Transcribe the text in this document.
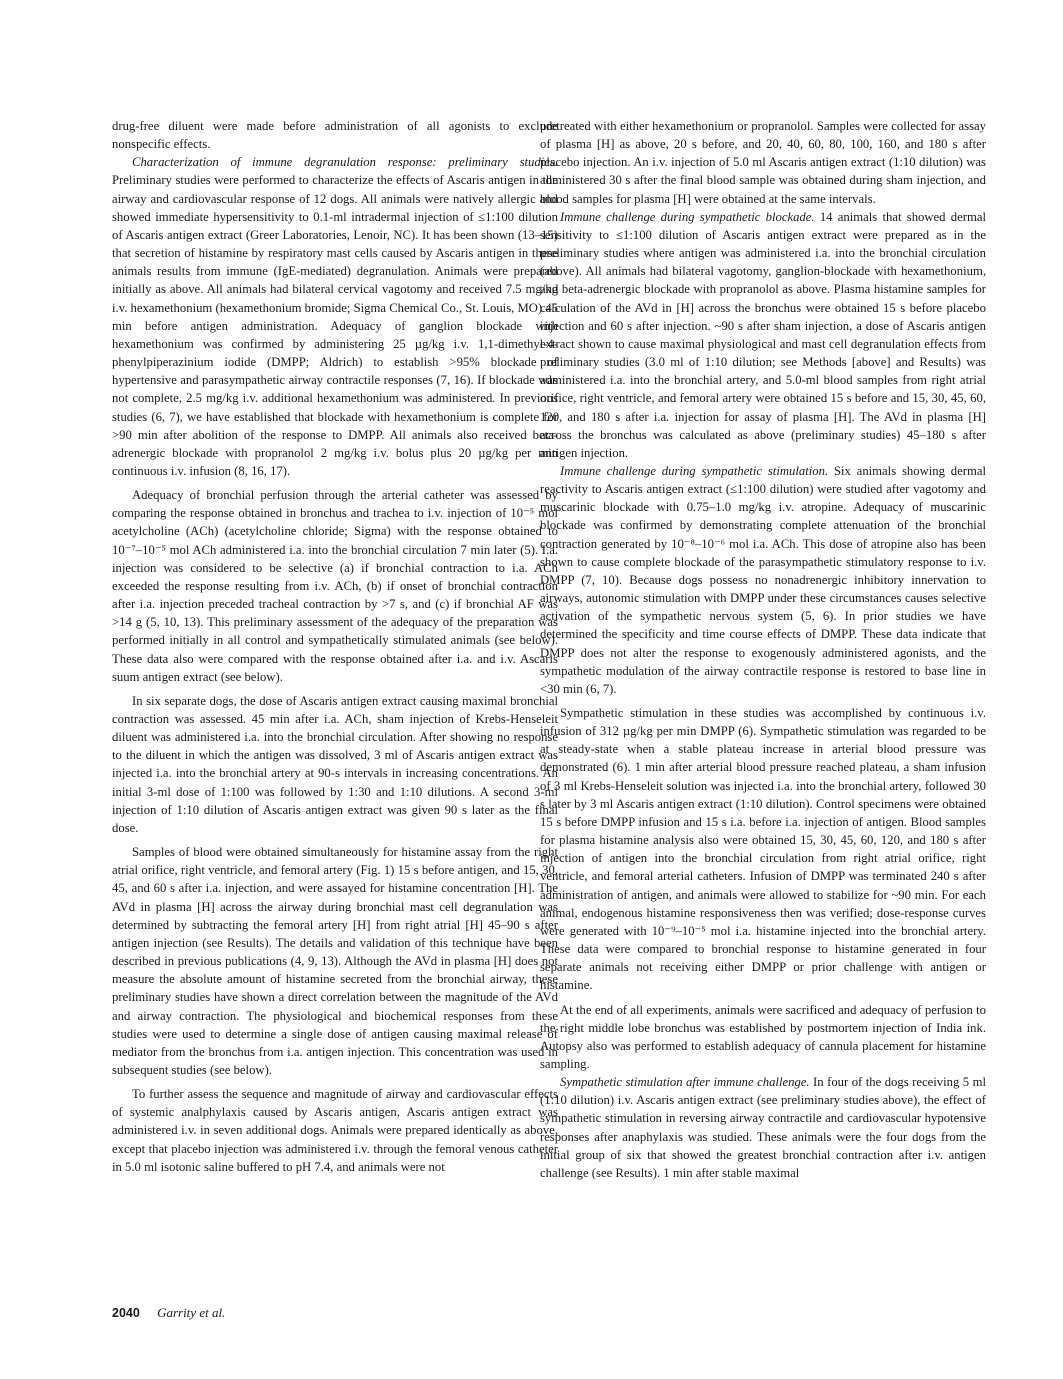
drug-free diluent were made before administration of all agonists to exclude nonspecific effects.

Characterization of immune degranulation response: preliminary studies. Preliminary studies were performed to characterize the effects of Ascaris antigen in the airway and cardiovascular response of 12 dogs. All animals were natively allergic and showed immediate hypersensitivity to 0.1-ml intradermal injection of ≤1:100 dilution of Ascaris antigen extract (Greer Laboratories, Lenoir, NC). It has been shown (13–15) that secretion of histamine by respiratory mast cells caused by Ascaris antigen in these animals results from immune (IgE-mediated) degranulation. Animals were prepared initially as above. All animals had bilateral cervical vagotomy and received 7.5 mg/kg i.v. hexamethonium (hexamethonium bromide; Sigma Chemical Co., St. Louis, MO) 45 min before antigen administration. Adequacy of ganglion blockade with hexamethonium was confirmed by administering 25 µg/kg i.v. 1,1-dimethyl-4-phenylpiperazinium iodide (DMPP; Aldrich) to establish >95% blockade of hypertensive and parasympathetic airway contractile responses (7, 16). If blockade was not complete, 2.5 mg/kg i.v. additional hexamethonium was administered. In previous studies (6, 7), we have established that blockade with hexamethonium is complete for >90 min after abolition of the response to DMPP. All animals also received beta-adrenergic blockade with propranolol 2 mg/kg i.v. bolus plus 20 µg/kg per min continuous i.v. infusion (8, 16, 17).

Adequacy of bronchial perfusion through the arterial catheter was assessed by comparing the response obtained in bronchus and trachea to i.v. injection of 10⁻⁵ mol acetylcholine (ACh) (acetylcholine chloride; Sigma) with the response obtained to 10⁻⁷–10⁻⁵ mol ACh administered i.a. into the bronchial circulation 7 min later (5). I.a. injection was considered to be selective (a) if bronchial contraction to i.a. ACh exceeded the response resulting from i.v. ACh, (b) if onset of bronchial contraction after i.a. injection preceded tracheal contraction by >7 s, and (c) if bronchial AF was >14 g (5, 10, 13). This preliminary assessment of the adequacy of the preparation was performed initially in all control and sympathetically stimulated animals (see below). These data also were compared with the response obtained after i.a. and i.v. Ascaris suum antigen extract (see below).

In six separate dogs, the dose of Ascaris antigen extract causing maximal bronchial contraction was assessed. 45 min after i.a. ACh, sham injection of Krebs-Henseleit diluent was administered i.a. into the bronchial circulation. After showing no response to the diluent in which the antigen was dissolved, 3 ml of Ascaris antigen extract was injected i.a. into the bronchial artery at 90-s intervals in increasing concentrations. An initial 3-ml dose of 1:100 was followed by 1:30 and 1:10 dilutions. A second 3-ml injection of 1:10 dilution of Ascaris antigen extract was given 90 s later as the final dose.

Samples of blood were obtained simultaneously for histamine assay from the right atrial orifice, right ventricle, and femoral artery (Fig. 1) 15 s before antigen, and 15, 30, 45, and 60 s after i.a. injection, and were assayed for histamine concentration [H]. The AVd in plasma [H] across the airway during bronchial mast cell degranulation was determined by subtracting the femoral artery [H] from right atrial [H] 45–90 s after antigen injection (see Results). The details and validation of this technique have been described in previous publications (4, 9, 13). Although the AVd in plasma [H] does not measure the absolute amount of histamine secreted from the bronchial airway, these preliminary studies have shown a direct correlation between the magnitude of the AVd and airway contraction. The physiological and biochemical responses from these studies were used to determine a single dose of antigen causing maximal release of mediator from the bronchus from i.a. antigen injection. This concentration was used in subsequent studies (see below).

To further assess the sequence and magnitude of airway and cardiovascular effects of systemic analphylaxis caused by Ascaris antigen, Ascaris antigen extract was administered i.v. in seven additional dogs. Animals were prepared identically as above, except that placebo injection was administered i.v. through the femoral venous catheter in 5.0 ml isotonic saline buffered to pH 7.4, and animals were not

pretreated with either hexamethonium or propranolol. Samples were collected for assay of plasma [H] as above, 20 s before, and 20, 40, 60, 80, 100, 160, and 180 s after placebo injection. An i.v. injection of 5.0 ml Ascaris antigen extract (1:10 dilution) was administered 30 s after the final blood sample was obtained during sham injection, and blood samples for plasma [H] were obtained at the same intervals.

Immune challenge during sympathetic blockade. 14 animals that showed dermal sensitivity to ≤1:100 dilution of Ascaris antigen extract were prepared as in the preliminary studies where antigen was administered i.a. into the bronchial circulation (above). All animals had bilateral vagotomy, ganglion-blockade with hexamethonium, and beta-adrenergic blockade with propranolol as above. Plasma histamine samples for calculation of the AVd in [H] across the bronchus were obtained 15 s before placebo injection and 60 s after injection. ~90 s after sham injection, a dose of Ascaris antigen extract shown to cause maximal physiological and mast cell degranulation effects from preliminary studies (3.0 ml of 1:10 dilution; see Methods [above] and Results) was administered i.a. into the bronchial artery, and 5.0-ml blood samples from right atrial orifice, right ventricle, and femoral artery were obtained 15 s before and 15, 30, 45, 60, 120, and 180 s after i.a. injection for assay of plasma [H]. The AVd in plasma [H] across the bronchus was calculated as above (preliminary studies) 45–180 s after antigen injection.

Immune challenge during sympathetic stimulation. Six animals showing dermal reactivity to Ascaris antigen extract (≤1:100 dilution) were studied after vagotomy and muscarinic blockade with 0.75–1.0 mg/kg i.v. atropine. Adequacy of muscarinic blockade was confirmed by demonstrating complete attenuation of the bronchial contraction generated by 10⁻⁸–10⁻⁶ mol i.a. ACh. This dose of atropine also has been shown to cause complete blockade of the parasympathetic stimulatory response to i.v. DMPP (7, 10). Because dogs possess no nonadrenergic inhibitory innervation to airways, autonomic stimulation with DMPP under these circumstances causes selective activation of the sympathetic nervous system (5, 6). In prior studies we have determined the specificity and time course effects of DMPP. These data indicate that DMPP does not alter the response to exogenously administered agonists, and the sympathetic modulation of the airway contractile response is restored to base line in <30 min (6, 7).

Sympathetic stimulation in these studies was accomplished by continuous i.v. infusion of 312 µg/kg per min DMPP (6). Sympathetic stimulation was regarded to be at steady-state when a stable plateau increase in arterial blood pressure was demonstrated (6). 1 min after arterial blood pressure reached plateau, a sham infusion of 3 ml Krebs-Henseleit solution was injected i.a. into the bronchial artery, followed 30 s later by 3 ml Ascaris antigen extract (1:10 dilution). Control specimens were obtained 15 s before DMPP infusion and 15 s i.a. before i.a. injection of antigen. Blood samples for plasma histamine analysis also were obtained 15, 30, 45, 60, 120, and 180 s after injection of antigen into the bronchial circulation from right atrial orifice, right ventricle, and femoral arterial catheters. Infusion of DMPP was terminated 240 s after administration of antigen, and animals were allowed to stabilize for ~90 min. For each animal, endogenous histamine responsiveness then was verified; dose-response curves were generated with 10⁻⁹–10⁻⁵ mol i.a. histamine injected into the bronchial artery. These data were compared to bronchial response to histamine generated in four separate animals not receiving either DMPP or prior challenge with antigen or histamine.

At the end of all experiments, animals were sacrificed and adequacy of perfusion to the right middle lobe bronchus was established by postmortem injection of India ink. Autopsy also was performed to establish adequacy of cannula placement for histamine sampling.

Sympathetic stimulation after immune challenge. In four of the dogs receiving 5 ml (1:10 dilution) i.v. Ascaris antigen extract (see preliminary studies above), the effect of sympathetic stimulation in reversing airway contractile and cardiovascular hypotensive responses after anaphylaxis was studied. These animals were the four dogs from the initial group of six that showed the greatest bronchial contraction after i.v. antigen challenge (see Results). 1 min after stable maximal

2040 Garrity et al.
